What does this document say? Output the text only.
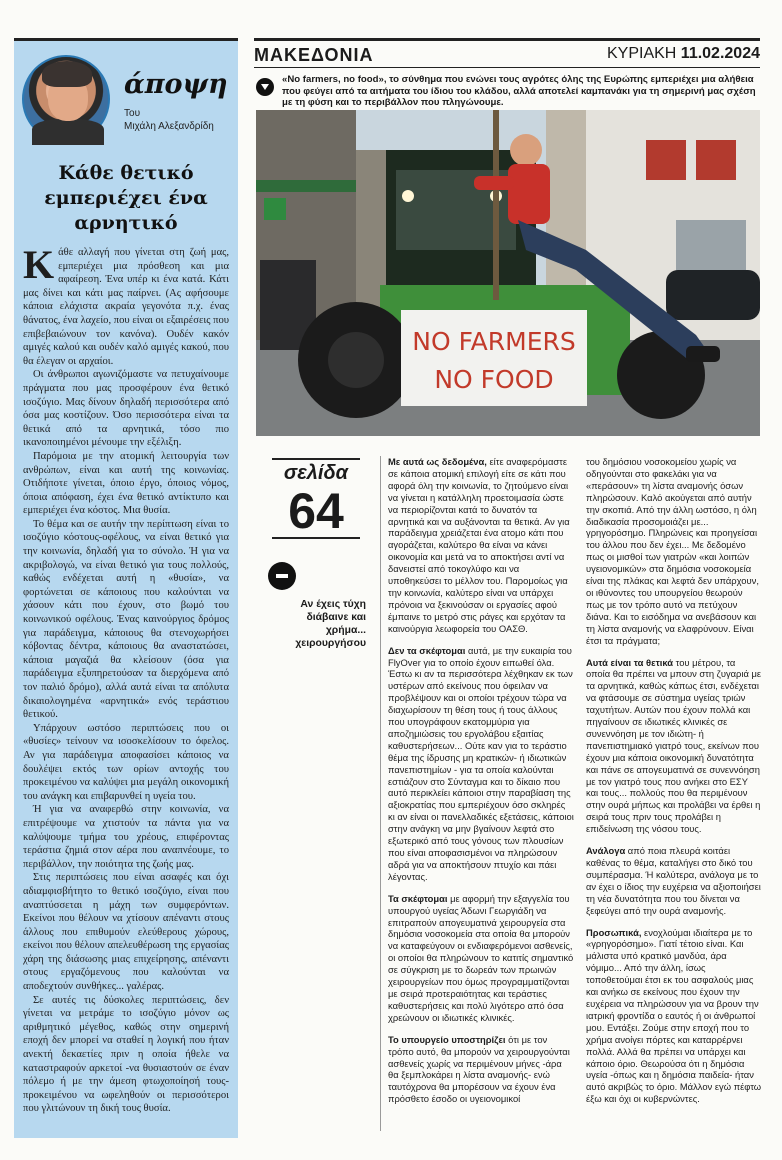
άποψη
Του
Μιχάλη Αλεξανδρίδη
Κάθε θετικό εμπεριέχει ένα αρνητικό

Κάθε αλλαγή που γίνεται στη ζωή μας, εμπεριέχει μια πρόσθεση και μια αφαίρεση. Ένα υπέρ κι ένα κατά. Κάτι μας δίνει και κάτι μας παίρνει. (Ας αφήσουμε κάποια ελάχιστα ακραία γεγονότα π.χ. ένας θάνατος, ένα λαχείο, που είναι οι εξαιρέσεις που επιβεβαιώνουν τον κανόνα). Ουδέν κακόν αμιγές καλού και ουδέν καλό αμιγές κακού, που θα έλεγαν οι αρχαίοι.

Οι άνθρωποι αγωνιζόμαστε να πετυχαίνουμε πράγματα που μας προσφέρουν ένα θετικό ισοζύγιο. Μας δίνουν δηλαδή περισσότερα από όσα μας κοστίζουν. Όσο περισσότερα είναι τα θετικά από τα αρνητικά, τόσο πιο ικανοποιημένοι μένουμε την εξέλιξη.

Παρόμοια με την ατομική λειτουργία των ανθρώπων, είναι και αυτή της κοινωνίας. Οτιδήποτε γίνεται, όποιο έργο, όποιος νόμος, όποια απόφαση, έχει ένα θετικό αντίκτυπο και εμπεριέχει ένα κόστος. Μια θυσία.

Το θέμα και σε αυτήν την περίπτωση είναι το ισοζύγιο κόστους-οφέλους, να είναι θετικό για την κοινωνία, δηλαδή για το σύνολο. Ή για να ακριβολογώ, να είναι θετικό για τους πολλούς, καθώς ενδέχεται αυτή η «θυσία», να φορτώνεται σε κάποιους που καλούνται να χάσουν κάτι που έχουν, στο βωμό του κοινωνικού οφέλους. Ένας καινούργιος δρόμος για παράδειγμα, κάποιους θα στενοχωρήσει κόβοντας δέντρα, κάποιους θα αναστατώσει, κάποια μαγαζιά θα κλείσουν (όσα για παράδειγμα εξυπηρετούσαν τα διερχόμενα από τον παλιό δρόμο), αλλά αυτά είναι τα απόλυτα δικαιολογημένα «αρνητικά» ενός τεράστιου θετικού.

Υπάρχουν ωστόσο περιπτώσεις που οι «θυσίες» τείνουν να ισοσκελίσουν το όφελος. Αν για παράδειγμα αποφασίσει κάποιος να δουλέψει εκτός των ορίων αντοχής του προκειμένου να καλύψει μια μεγάλη οικονομική του ανάγκη και επιβαρυνθεί η υγεία του.

Ή για να αναφερθώ στην κοινωνία, να επιτρέψουμε να χτιστούν τα πάντα για να καλύψουμε τμήμα του χρέους, επιφέροντας τεράστια ζημιά στον αέρα που αναπνέουμε, το περιβάλλον, την ποιότητα της ζωής μας.

Στις περιπτώσεις που είναι ασαφές και όχι αδιαμφισβήτητο το θετικό ισοζύγιο, είναι που αναπτύσσεται η μάχη των συμφερόντων. Εκείνοι που θέλουν να χτίσουν απέναντι στους άλλους που επιθυμούν ελεύθερους χώρους, εκείνοι που θέλουν απελευθέρωση της εργασίας χάρη της διάσωσης μιας επιχείρησης, απέναντι στους εργαζόμενους που καλούνται να αποδεχτούν συνθήκες... γαλέρας.

Σε αυτές τις δύσκολες περιπτώσεις, δεν γίνεται να μετράμε το ισοζύγιο μόνον ως αριθμητικό μέγεθος, καθώς στην σημερινή εποχή δεν μπορεί να σταθεί η λογική που ήταν ανεκτή δεκαετίες πριν η οποία ήθελε να καταστραφούν αρκετοί -να θυσιαστούν σε έναν πόλεμο ή με την άμεση φτωχοποίησή τους- προκειμένου να ωφεληθούν οι περισσότεροι που γλιτώνουν τη δική τους θυσία.

ΜΑΚΕΔΟΝΙΑ	ΚΥΡΙΑΚΗ 11.02.2024
«No farmers, no food», το σύνθημα που ενώνει τους αγρότες όλης της Ευρώπης εμπεριέχει μια αλήθεια που φεύγει από τα αιτήματα του ίδιου του κλάδου, αλλά αποτελεί καμπανάκι για τη σημερινή μας σχέση με τη φύση και το περιβάλλον που πληγώνουμε.
NO FARMERS
NO FOOD
σελίδα
64
Αν έχεις τύχη διάβαινε και χρήμα... χειρουργήσου

Με αυτά ως δεδομένα, είτε αναφερόμαστε σε κάποια ατομική επιλογή είτε σε κάτι που αφορά όλη την κοινωνία, το ζητούμενο είναι να γίνεται η κατάλληλη προετοιμασία ώστε να περιορίζονται κατά το δυνατόν τα αρνητικά και να αυξάνονται τα θετικά. Αν για παράδειγμα χρειάζεται ένα ατομο κάτι που αγοράζεται, καλύτερο θα είναι να κάνει οικονομία και μετά να το αποκτήσει αντί να δανειστεί από τοκογλύφο και να υποθηκεύσει το μέλλον του. Παρομοίως για την κοινωνία, καλύτερο είναι να υπάρχει πρόνοια να ξεκινούσαν οι εργασίες αφού έμπαινε το μετρό στις ράγες και ερχόταν τα καινούργια λεωφορεία του ΟΑΣΘ.

Δεν τα σκέφτομαι αυτά, με την ευκαιρία του FlyOver για το οποίο έχουν ειπωθεί όλα. Έστω κι αν τα περισσότερα λέχθηκαν εκ των υστέρων από εκείνους που όφειλαν να προβλέψουν και οι οποίοι τρέχουν τώρα να διαχωρίσουν τη θέση τους ή τους άλλους που υπογράφουν εκατομμύρια για αποζημιώσεις του εργολάβου εξαιτίας καθυστερήσεων... Ούτε καν για το τεράστιο θέμα της ίδρυσης μη κρατικών- ή ιδιωτικών πανεπιστημίων - για τα οποία καλούνται εστιάζουν στο Σύνταγμα και το δίκαιο που αυτό περικλείει κάποιοι στην παραβίαση της αξιοκρατίας που εμπεριέχουν όσο σκληρές κι αν είναι οι πανελλαδικές εξετάσεις, κάποιοι στην ανάγκη να μην βγαίνουν λεφτά στο εξωτερικό από τους γόνους των πλουσίων που είναι αποφασισμένοι να πληρώσουν αδρά για να αποκτήσουν πτυχίο και πάει λέγοντας.

Τα σκέφτομαι με αφορμή την εξαγγελία του υπουργού υγείας Άδωνι Γεωργιάδη να επιτραπούν απογευματινά χειρουργεία στα δημόσια νοσοκομεία στα οποία θα μπορούν να καταφεύγουν οι ενδιαφερόμενοι ασθενείς, οι οποίοι θα πληρώνουν το κατιτίς σημαντικό σε σύγκριση με το δωρεάν των πρωινών χειρουργείων που όμως προγραμματίζονται με σειρά προτεραιότητας και τεράστιες καθυστερήσεις και πολύ λιγότερο από όσα χρεώνουν οι ιδιωτικές κλινικές.

Το υπουργείο υποστηρίζει ότι με τον τρόπο αυτό, θα μπορούν να χειρουργούνται ασθενείς χωρίς να περιμένουν μήνες -άρα θα ξεμπλοκάρει η λίστα αναμονής- ενώ ταυτόχρονα θα μπορέσουν να έχουν ένα πρόσθετο έσοδο οι υγειονομικοί

του δημόσιου νοσοκομείου χωρίς να οδηγούνται στο φακελάκι για να «περάσουν» τη λίστα αναμονής όσων πληρώσουν. Καλό ακούγεται από αυτήν την σκοπιά. Από την άλλη ωστόσο, η όλη διαδικασία προσομοιάζει με... γρηγορόσημο. Πληρώνεις και προηγείσαι του άλλου που δεν έχει... Με δεδομένο πως οι μισθοί των γιατρών «και λοιπών υγειονομικών» στα δημόσια νοσοκομεία είναι της πλάκας και λεφτά δεν υπάρχουν, οι ιθύνοντες του υπουργείου θεωρούν πως με τον τρόπο αυτό να πετύχουν διάνα. Και το εισόδημα να ανεβάσουν και τη λίστα αναμονής να ελαφρύνουν. Είναι έτσι τα πράγματα;

Αυτά είναι τα θετικά του μέτρου, τα οποία θα πρέπει να μπουν στη ζυγαριά με τα αρνητικά, καθώς κάπως έτσι, ενδέχεται να φτάσουμε σε σύστημα υγείας τριών ταχυτήτων. Αυτών που έχουν πολλά και πηγαίνουν σε ιδιωτικές κλινικές σε συνεννόηση με τον ιδιώτη- ή πανεπιστημιακό γιατρό τους, εκείνων που έχουν μια κάποια οικονομική δυνατότητα και πάνε σε απογευματινά σε συνεννόηση με τον γιατρό τους που ανήκει στο ΕΣΥ και τους... πολλούς που θα περιμένουν στην ουρά μήπως και προλάβει να έρθει η σειρά τους πριν τους προλάβει η επιδείνωση της νόσου τους.

Ανάλογα από ποια πλευρά κοιτάει καθένας το θέμα, καταλήγει στο δικό του συμπέρασμα. Ή καλύτερα, ανάλογα με το αν έχει ο ίδιος την ευχέρεια να αξιοποιήσει τη νέα δυνατότητα που του δίνεται να ξεφεύγει από την ουρά αναμονής.

Προσωπικά, ενοχλούμαι ιδιαίτερα με το «γρηγορόσημο». Γιατί τέτοιο είναι. Και μάλιστα υπό κρατικό μανδύα, άρα νόμιμο... Από την άλλη, ίσως τοποθετούμαι έτσι εκ του ασφαλούς μιας και ανήκω σε εκείνους που έχουν την ευχέρεια να πληρώσουν για να βρουν την ιατρική φροντίδα ο εαυτός ή οι άνθρωποί μου. Εντάξει. Ζούμε στην εποχή που το χρήμα ανοίγει πόρτες και καταρρέρνει πολλά. Αλλά θα πρέπει να υπάρχει και κάποιο όριο. Θεωρούσα ότι η δημόσια υγεία -όπως και η δημόσια παιδεία- ήταν αυτό ακριβώς το όριο. Μάλλον εγώ πέφτω έξω και όχι οι κυβερνώντες.
